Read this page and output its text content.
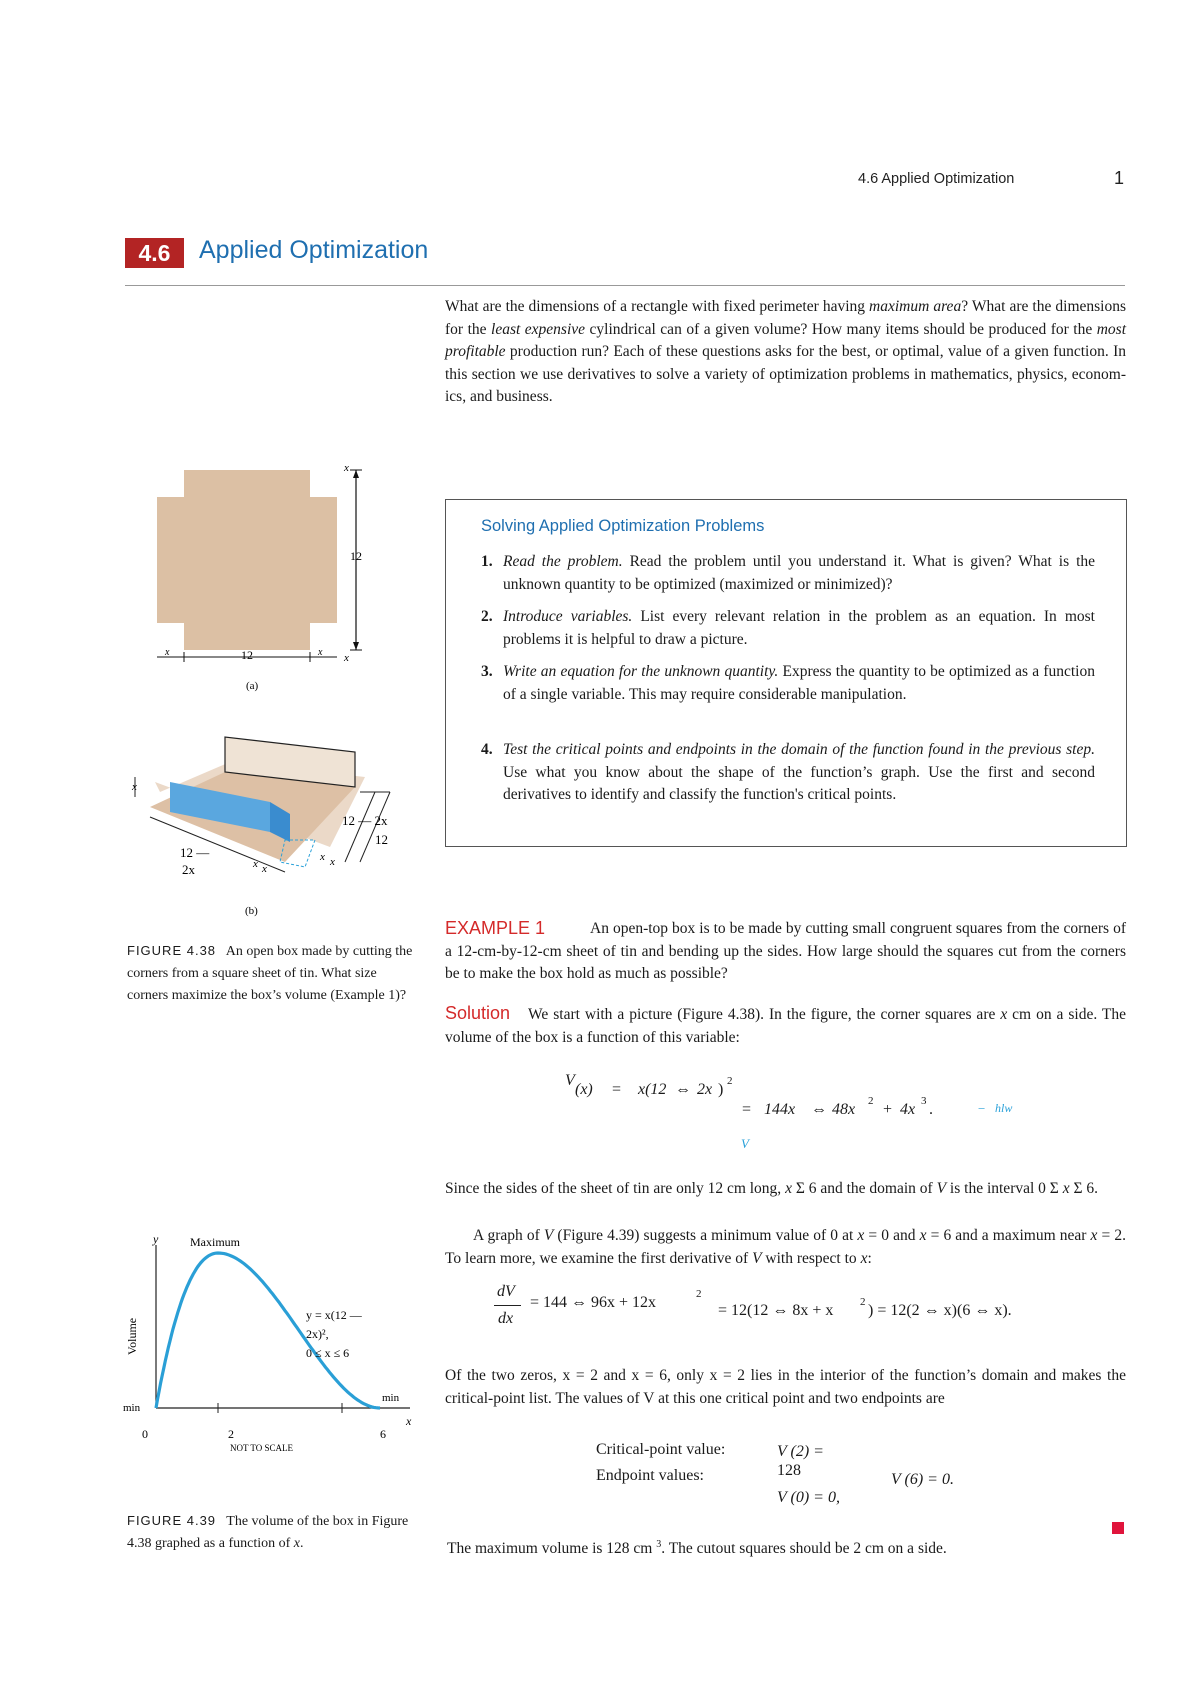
4.6 Applied Optimization	1
4.6	Applied Optimization
What are the dimensions of a rectangle with fixed perimeter having maximum area? What are the dimensions for the least expensive cylindrical can of a given volume? How many items should be produced for the most profitable production run? Each of these questions asks for the best, or optimal, value of a given function. In this section we use derivatives to solve a variety of optimization problems in mathematics, physics, econom- ics, and business.
Solving Applied Optimization Problems
1. Read the problem. Read the problem until you understand it. What is given? What is the unknown quantity to be optimized (maximized or minimized)?
2. Introduce variables. List every relevant relation in the problem as an equation. In most problems it is helpful to draw a picture.
3. Write an equation for the unknown quantity. Express the quantity to be optimized as a function of a single variable. This may require considerable manipulation.
4. Test the critical points and endpoints in the domain of the function found in the previous step. Use what you know about the shape of the function’s graph. Use the first and second derivatives to identify and classify the function's critical points.
EXAMPLE 1	An open-top box is to be made by cutting small congruent squares from the corners of a 12-cm-by-12-cm sheet of tin and bending up the sides. How large should the squares cut from the corners be to make the box hold as much as possible?
Solution	We start with a picture (Figure 4.38). In the figure, the corner squares are x cm on a side. The volume of the box is a function of this variable:
V
(x) = x(12 ⇔ 2x ) 2
= 144x ⇔ 48x 2 + 4x 3 .	− hlw
V
Since the sides of the sheet of tin are only 12 cm long, x Σ 6 and the domain of V is the interval 0 Σ x Σ 6.
A graph of V (Figure 4.39) suggests a minimum value of 0 at x = 0 and x = 6 and a maximum near x = 2. To learn more, we examine the first derivative of V with respect to x:
dV
dx
= 144 ⇔ 96x + 12x	2
= 12(12 ⇔ 8x + x 2 ) = 12(2 ⇔ x)(6 ⇔ x).
Of the two zeros, x = 2 and x = 6, only x = 2 lies in the interior of the function’s domain and makes the critical-point list. The values of V at this one critical point and two endpoints are
Critical-point value:	V (2) =
128
Endpoint values:
V (0) = 0,
V (6) = 0.
The maximum volume is 128 cm $^3$. The cutout squares should be 2 cm on a side.
x
12
x	x
12	x
(a)
x
12 — 2x
12
12 —
2x	x x
x x
(b)
FIGURE 4.38 An open box made by cutting the corners from a square sheet of tin. What size corners maximize the box’s volume (Example 1)?
y
x
Volume
Maximum
min
min
y = x(12 —
2x)²,
0 ≤ x ≤ 6
0	2	6
NOT TO SCALE
FIGURE 4.39 The volume of the box in Figure 4.38 graphed as a function of x.
